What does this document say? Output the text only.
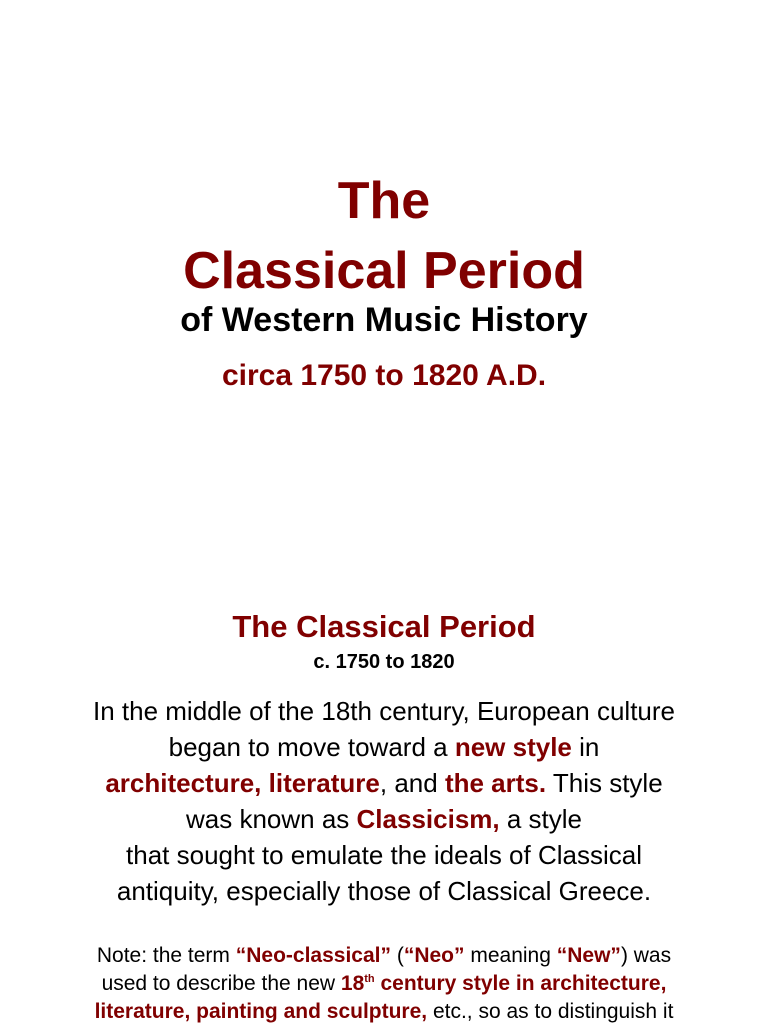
The
Classical Period
of Western Music History
circa 1750 to 1820 A.D.
The Classical Period
c. 1750 to 1820

In the middle of the 18th century, European culture
began to move toward a new style in
architecture, literature, and the arts. This style
was known as Classicism, a style
that sought to emulate the ideals of Classical
antiquity, especially those of Classical Greece.

Note: the term “Neo-classical” (“Neo” meaning “New”) was
used to describe the new 18th century style in architecture,
literature, painting and sculpture, etc., so as to distinguish it
